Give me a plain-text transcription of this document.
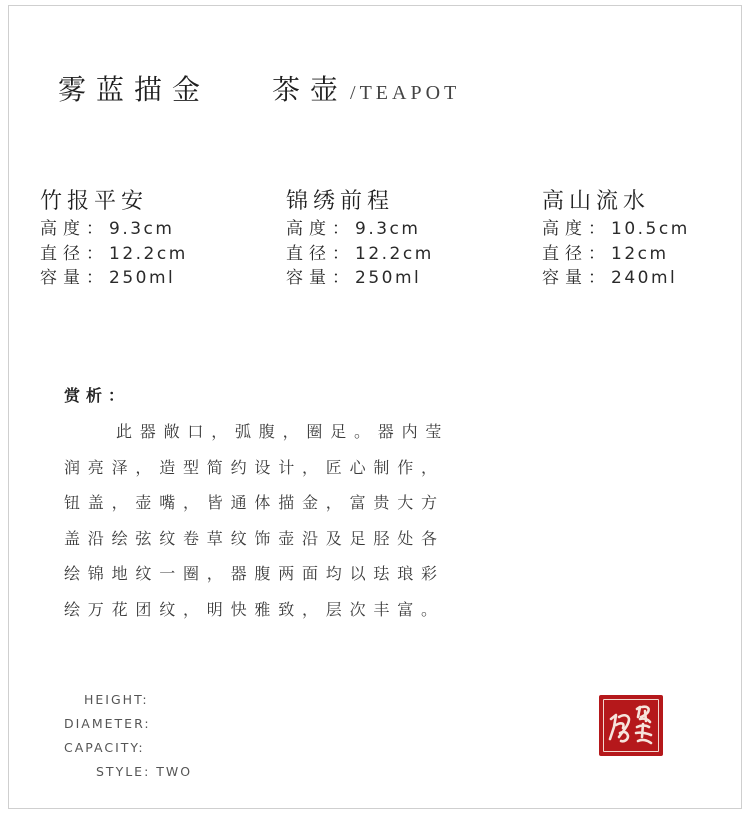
雾蓝描金 茶壶 /TEAPOT
竹报平安
高度：9.3cm
直径：12.2cm
容量：250ml
锦绣前程
高度：9.3cm
直径：12.2cm
容量：250ml
高山流水
高度：10.5cm
直径：12cm
容量：240ml
赏析：
此器敞口，弧腹，圈足。器内莹
润亮泽，造型简约设计，匠心制作，
钮盖，壶嘴，皆通体描金，富贵大方
盖沿绘弦纹卷草纹饰壶沿及足胫处各
绘锦地纹一圈，器腹两面均以珐琅彩
绘万花团纹，明快雅致，层次丰富。
HEIGHT:
DIAMETER:
CAPACITY:
STYLE: TWO
